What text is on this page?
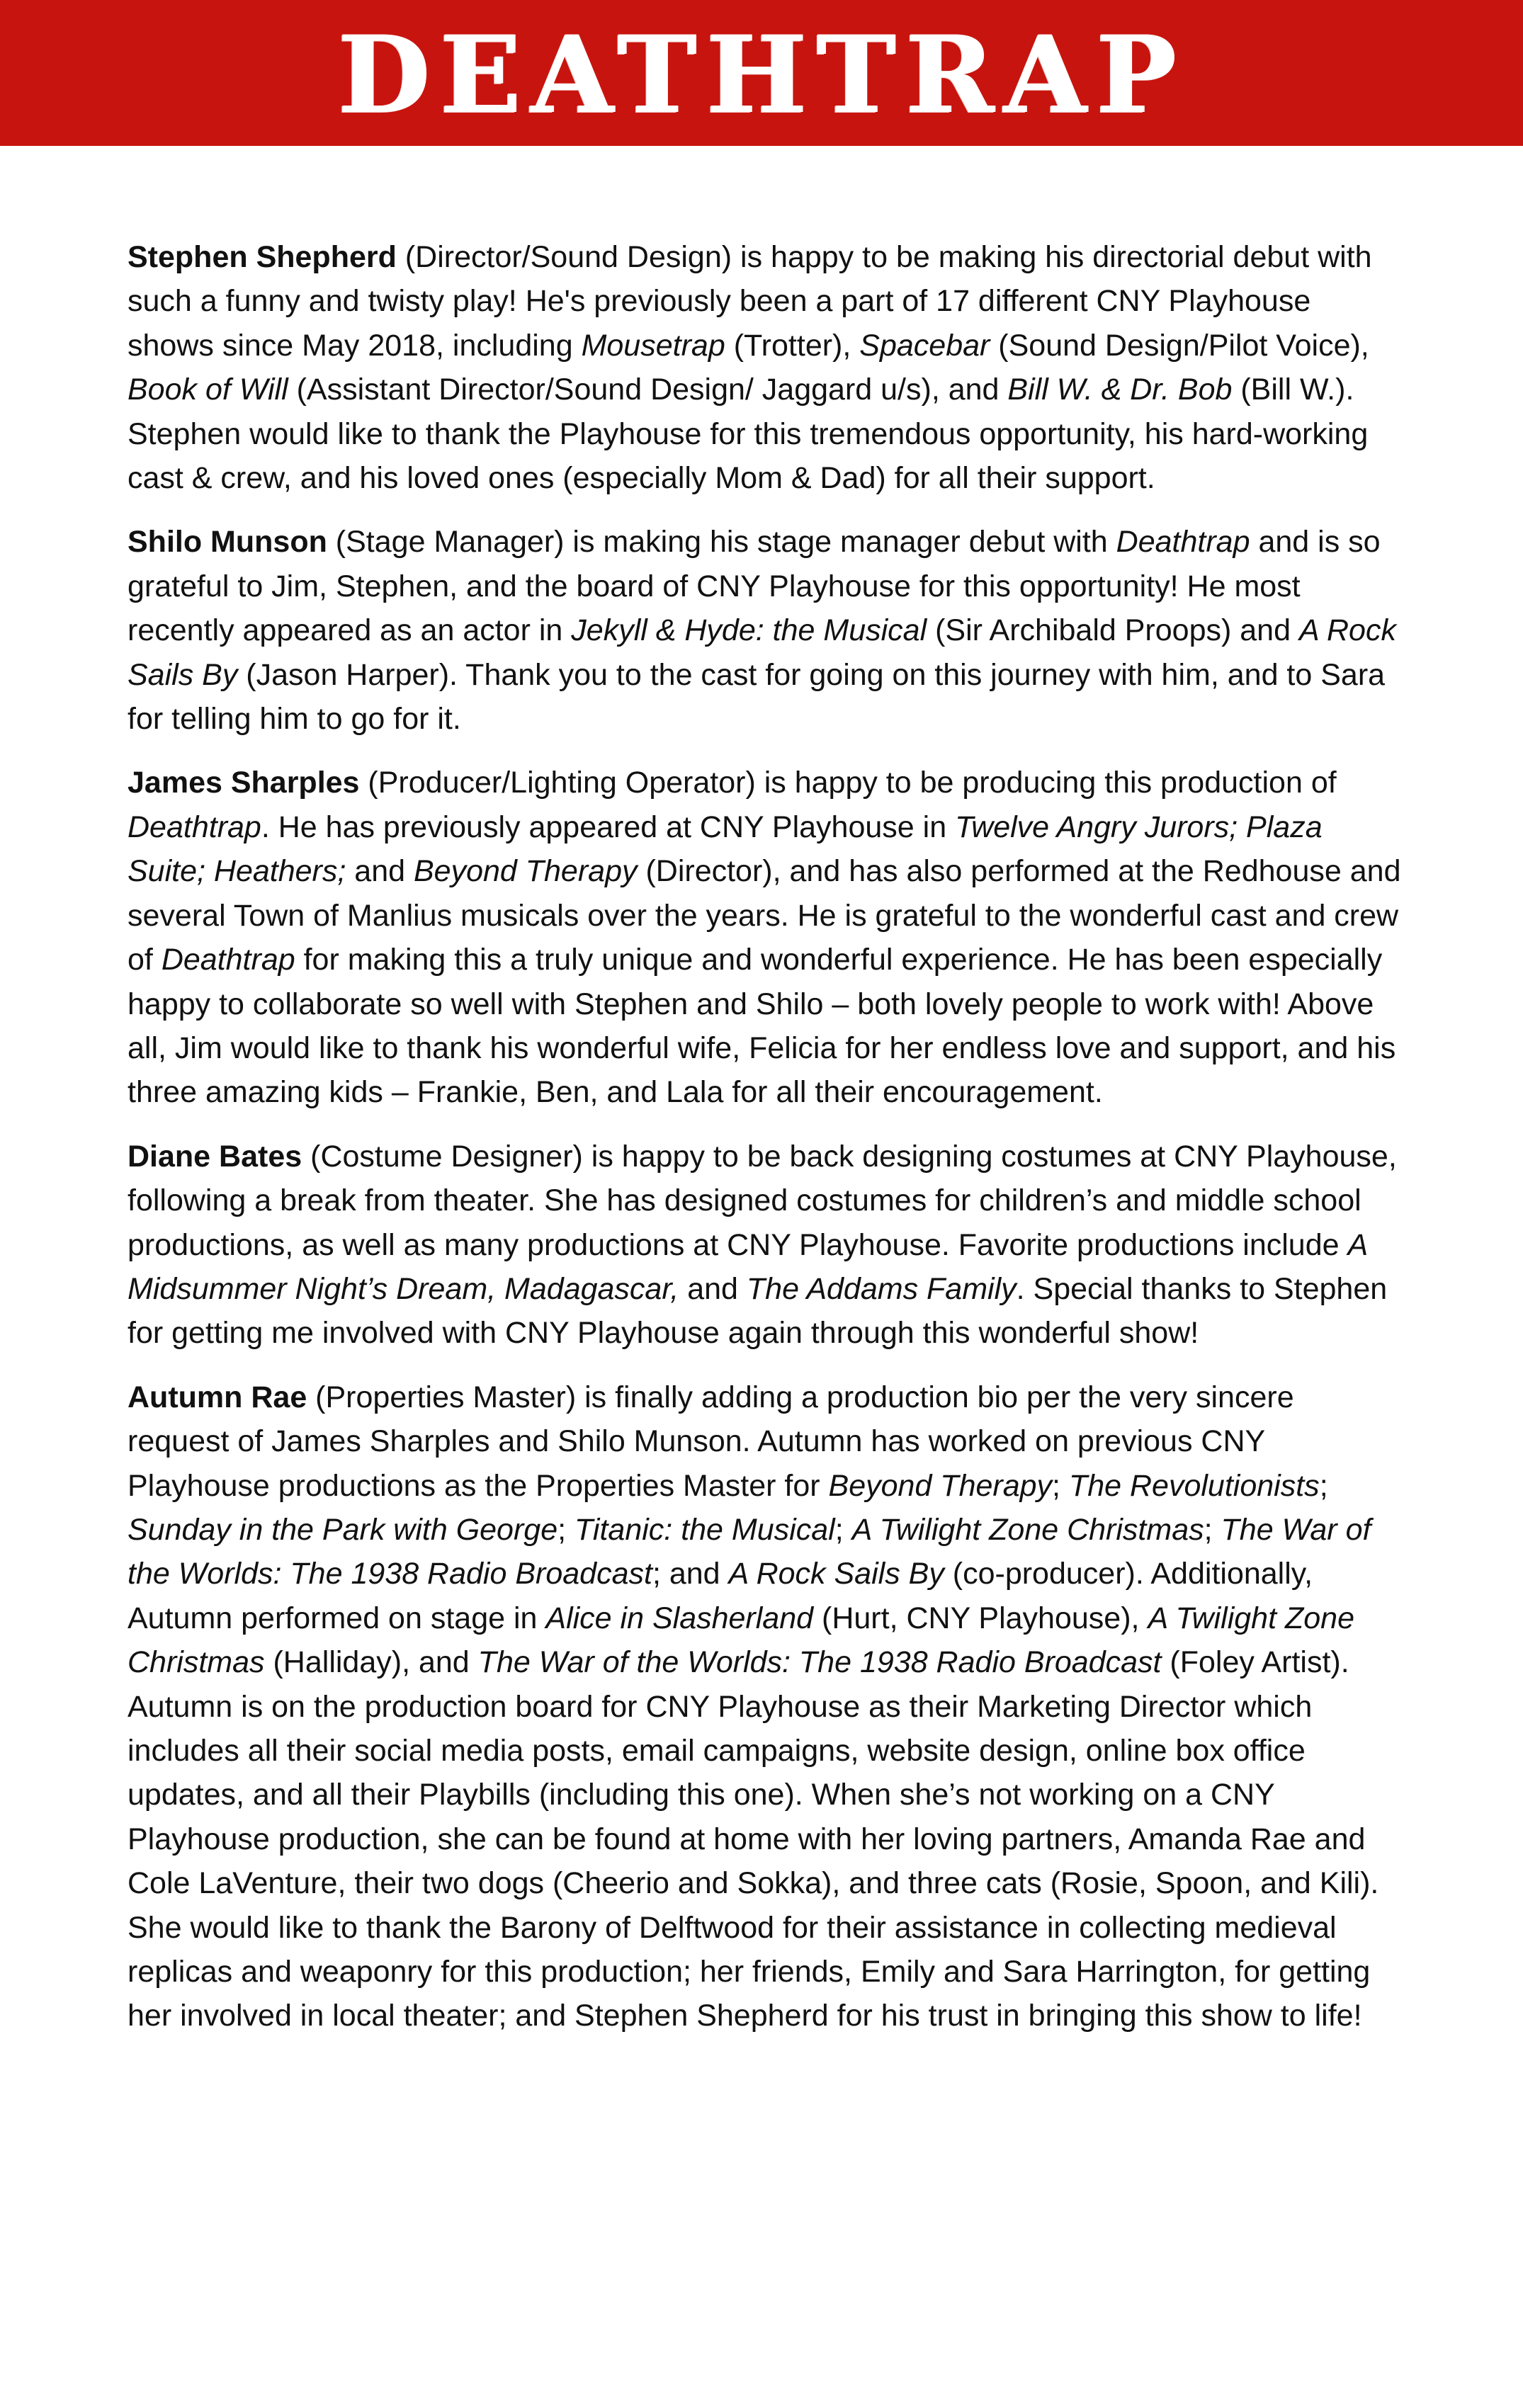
DEATHTRAP

Stephen Shepherd (Director/Sound Design) is happy to be making his directorial debut with such a funny and twisty play! He's previously been a part of 17 different CNY Playhouse shows since May 2018, including Mousetrap (Trotter), Spacebar (Sound Design/Pilot Voice), Book of Will (Assistant Director/Sound Design/ Jaggard u/s), and Bill W. & Dr. Bob (Bill W.). Stephen would like to thank the Playhouse for this tremendous opportunity, his hard-working cast & crew, and his loved ones (especially Mom & Dad) for all their support.

Shilo Munson (Stage Manager) is making his stage manager debut with Deathtrap and is so grateful to Jim, Stephen, and the board of CNY Playhouse for this opportunity! He most recently appeared as an actor in Jekyll & Hyde: the Musical (Sir Archibald Proops) and A Rock Sails By (Jason Harper). Thank you to the cast for going on this journey with him, and to Sara for telling him to go for it.

James Sharples (Producer/Lighting Operator) is happy to be producing this production of Deathtrap. He has previously appeared at CNY Playhouse in Twelve Angry Jurors; Plaza Suite; Heathers; and Beyond Therapy (Director), and has also performed at the Redhouse and several Town of Manlius musicals over the years. He is grateful to the wonderful cast and crew of Deathtrap for making this a truly unique and wonderful experience. He has been especially happy to collaborate so well with Stephen and Shilo – both lovely people to work with! Above all, Jim would like to thank his wonderful wife, Felicia for her endless love and support, and his three amazing kids – Frankie, Ben, and Lala for all their encouragement.

Diane Bates (Costume Designer) is happy to be back designing costumes at CNY Playhouse, following a break from theater. She has designed costumes for children’s and middle school productions, as well as many productions at CNY Playhouse. Favorite productions include A Midsummer Night’s Dream, Madagascar, and The Addams Family. Special thanks to Stephen for getting me involved with CNY Playhouse again through this wonderful show!

Autumn Rae (Properties Master) is finally adding a production bio per the very sincere request of James Sharples and Shilo Munson. Autumn has worked on previous CNY Playhouse productions as the Properties Master for Beyond Therapy; The Revolutionists; Sunday in the Park with George; Titanic: the Musical; A Twilight Zone Christmas; The War of the Worlds: The 1938 Radio Broadcast; and A Rock Sails By (co-producer). Additionally, Autumn performed on stage in Alice in Slasherland (Hurt, CNY Playhouse), A Twilight Zone Christmas (Halliday), and The War of the Worlds: The 1938 Radio Broadcast (Foley Artist). Autumn is on the production board for CNY Playhouse as their Marketing Director which includes all their social media posts, email campaigns, website design, online box office updates, and all their Playbills (including this one). When she’s not working on a CNY Playhouse production, she can be found at home with her loving partners, Amanda Rae and Cole LaVenture, their two dogs (Cheerio and Sokka), and three cats (Rosie, Spoon, and Kili). She would like to thank the Barony of Delftwood for their assistance in collecting medieval replicas and weaponry for this production; her friends, Emily and Sara Harrington, for getting her involved in local theater; and Stephen Shepherd for his trust in bringing this show to life!
